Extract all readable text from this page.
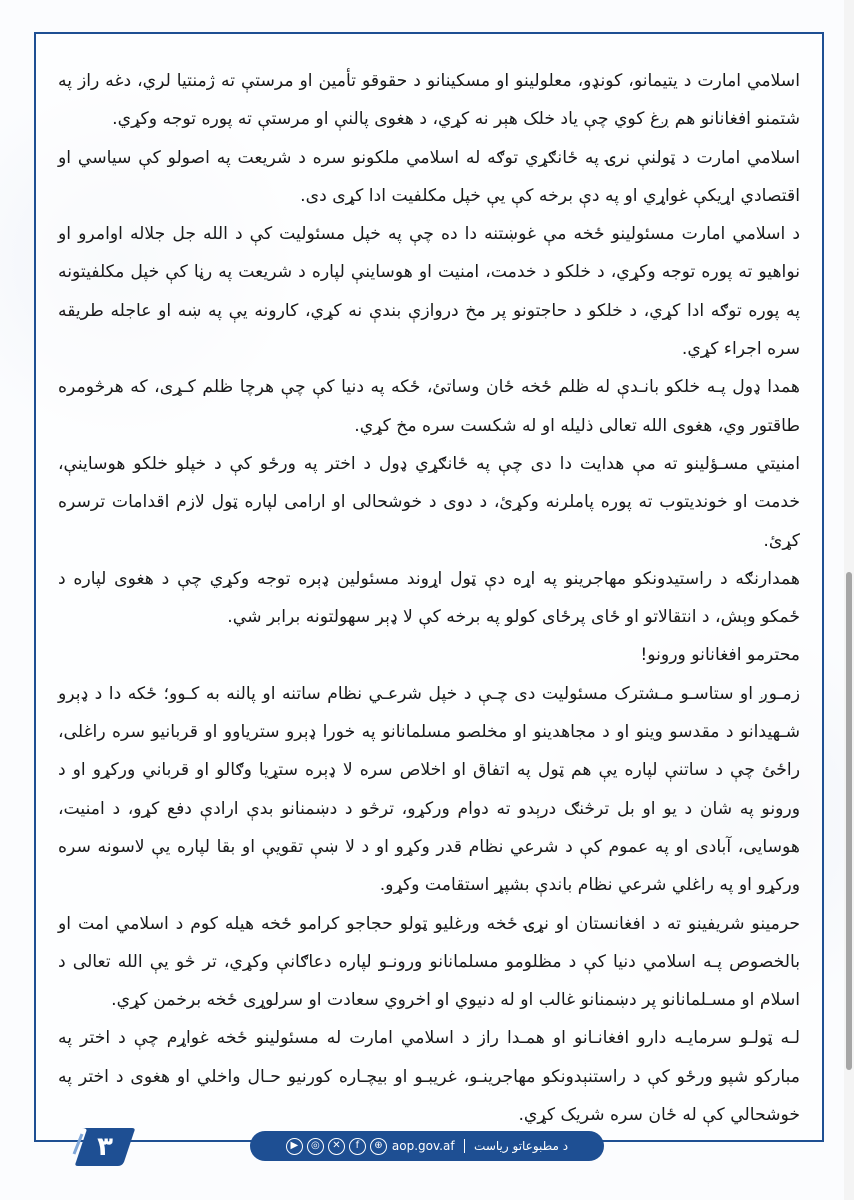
اسلامي امارت د یتیمانو، کونډو، معلولینو او مسکینانو د حقوقو تأمین او مرستې ته ژمنتیا لري، دغه راز په شتمنو افغانانو هم ږغ کوي چې یاد خلک هېر نه کړي، د هغوی پالنې او مرستې ته پوره توجه وکړي.

اسلامي امارت د ټولنې نرۍ په ځانګړي توګه له اسلامي ملکونو سره د شریعت په اصولو کې سیاسي او اقتصادي اړیکې غواړي او په دې برخه کې یې خپل مکلفیت ادا کړی دی.

د اسلامي امارت مسئولینو ځخه مې غوښتنه دا ده چې په خپل مسئولیت کې د الله جل جلاله اوامرو او نواهیو ته پوره توجه وکړي، د خلکو د خدمت، امنیت او هوساینې لپاره د شریعت په رڼا کې خپل مکلفیتونه په پوره توګه ادا کړي، د خلکو د حاجتونو پر مخ دروازې بندې نه کړي، کارونه یې په ښه او عاجله طریقه سره اجراء کړي.

همدا ډول پـه خلکو بانـدې له ظلم ځخه ځان وساتئ، ځکه په دنیا کې چې هرچا ظلم کـړی، که هرڅومره طاقتور وي، هغوی الله تعالی ذلیله او له شکست سره مخ کړي.

امنیتي مسـؤلینو ته مې هدایت دا دی چې په ځانګړي ډول د اختر په ورځو کې د خپلو خلکو هوساینې، خدمت او خوندیتوب ته پوره پاملرنه وکړئ، د دوی د خوشحالی او ارامی لپاره ټول لازم اقدامات ترسره کړئ.

همدارنګه د راستیدونکو مهاجرینو په اړه دې ټول اړوند مسئولین ډېره توجه وکړي چې د هغوی لپاره د ځمکو وېش، د انتقالاتو او ځای پرځای کولو په برخه کې لا ډېر سهولتونه برابر شي.

محترمو افغانانو ورونو!

زمـوږ او ستاسـو مـشترک مسئولیت دی چـې د خپل شرعـي نظام ساتنه او پالنه به کـوو؛ ځکه دا د ډېرو شـهیدانو د مقدسو وینو او د مجاهدینو او مخلصو مسلمانانو په خورا ډېرو سترياوو او قربانیو سره راغلی، راځئ چې د ساتنې لپاره یې هم ټول په اتفاق او اخلاص سره لا ډېره ستړیا وګالو او قرباني ورکړو او د ورونو په شان د یو او بل ترڅنګ درېدو ته دوام ورکړو، ترڅو د دښمنانو بدې ارادې دفع کړو، د امنیت، هوسایی، آبادی او په عموم کې د شرعي نظام قدر وکړو او د لا ښې تقویې او بقا لپاره یې لاسونه سره ورکړو او په راغلي شرعي نظام باندې بشپړ استقامت وکړو.

حرمینو شریفینو ته د افغانستان او نړۍ ځخه ورغلیو ټولو حجاجو کرامو ځخه هیله کوم د اسلامي امت او بالخصوص پـه اسلامي دنیا کې د مظلومو مسلمانانو ورونـو لپاره دعاګانې وکړي، تر څو یې الله تعالی د اسلام او مسـلمانانو پر دښمنانو غالب او له دنیوي او اخروي سعادت او سرلوړی ځخه برخمن کړي.

لـه ټولـو سرمایـه دارو افغانـانو او همـدا راز د اسلامي امارت له مسئولینو ځخه غواړم چې د اختر په مبارکو شپو ورځو کې د راستنېدونکو مهاجرینـو، غریبـو او بیچـاره کورنیو حـال واخلي او هغوی د اختر په خوشحالي کې له ځان سره شریک کړي.

۳	▶	◎	✕	f	⊕ aop.gov.af د مطبوعاتو رياست
